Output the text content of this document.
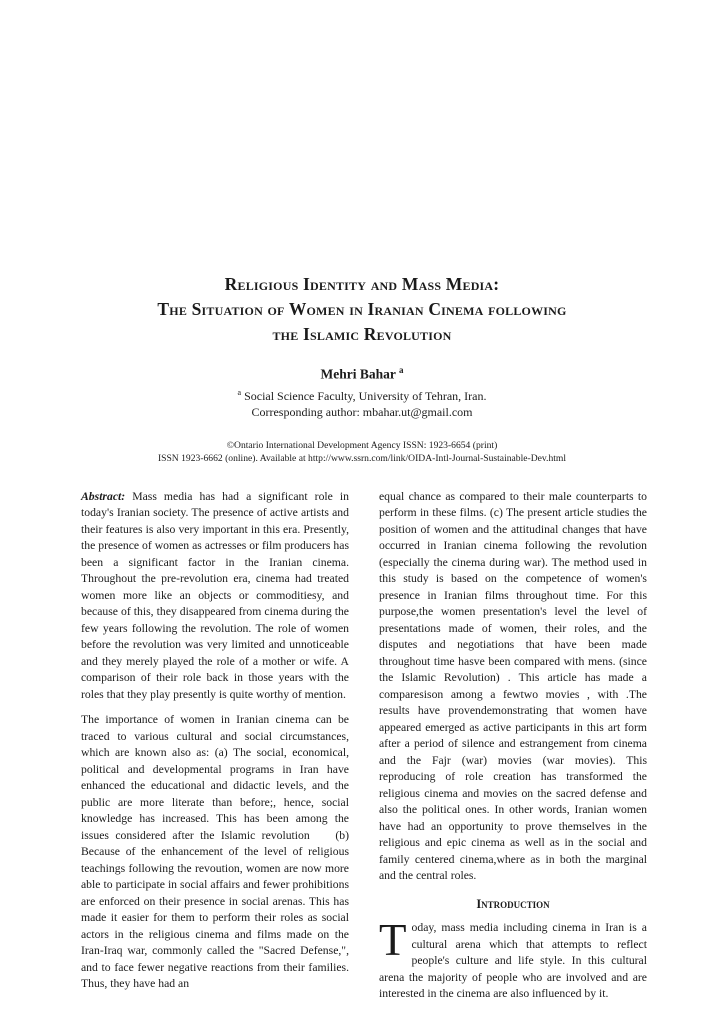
Religious Identity and Mass Media:
The Situation of Women in Iranian Cinema following
the Islamic Revolution
Mehri Bahar $^a$
$^a$ Social Science Faculty, University of Tehran, Iran.
Corresponding author: mbahar.ut@gmail.com
©Ontario International Development Agency ISSN: 1923-6654 (print)
ISSN 1923-6662 (online). Available at http://www.ssrn.com/link/OIDA-Intl-Journal-Sustainable-Dev.html

Abstract: Mass media has had a significant role in today's Iranian society. The presence of active artists and their features is also very important in this era. Presently, the presence of women as actresses or film producers has been a significant factor in the Iranian cinema. Throughout the pre-revolution era, cinema had treated women more like an objects or commoditiesy, and because of this, they disappeared from cinema during the few years following the revolution. The role of women before the revolution was very limited and unnoticeable and they merely played the role of a mother or wife. A comparison of their role back in those years with the roles that they play presently is quite worthy of mention.

The importance of women in Iranian cinema can be traced to various cultural and social circumstances, which are known also as: (a) The social, economical, political and developmental programs in Iran have enhanced the educational and didactic levels, and the public are more literate than before;, hence, social knowledge has increased. This has been among the issues considered after the Islamic revolution    (b) Because of the enhancement of the level of religious teachings following the revoution, women are now more able to participate in social affairs and fewer prohibitions are enforced on their presence in social arenas. This has made it easier for them to perform their roles as social actors in the religious cinema and films made on the Iran-Iraq war, commonly called the "Sacred Defense,", and to face fewer negative reactions from their families. Thus, they have had an

equal chance as compared to their male counterparts to perform in these films. (c) The present article studies the position of women and the attitudinal changes that have occurred in Iranian cinema following the revolution (especially the cinema during war). The method used in this study is based on the competence of women's presence in Iranian films throughout time. For this purpose,the women presentation's level the level of presentations made of women, their roles, and the disputes and negotiations that have been made throughout time hasve been compared with mens. (since the Islamic Revolution) . This article has made a comparesison among a fewtwo movies , with .The results have provendemonstrating that women have appeared emerged as active participants in this art form after a period of silence and estrangement from cinema and the Fajr (war) movies (war movies). This reproducing of role creation has transformed the religious cinema and movies on the sacred defense and also the political ones. In other words, Iranian women have had an opportunity to prove themselves in the religious and epic cinema as well as in the social and family centered cinema,where as in both the marginal and the central roles.

Introduction

Today, mass media including cinema in Iran is a cultural arena which that attempts to reflect people's culture and life style. In this cultural arena the majority of people who are involved and are interested in the cinema are also influenced by it.
